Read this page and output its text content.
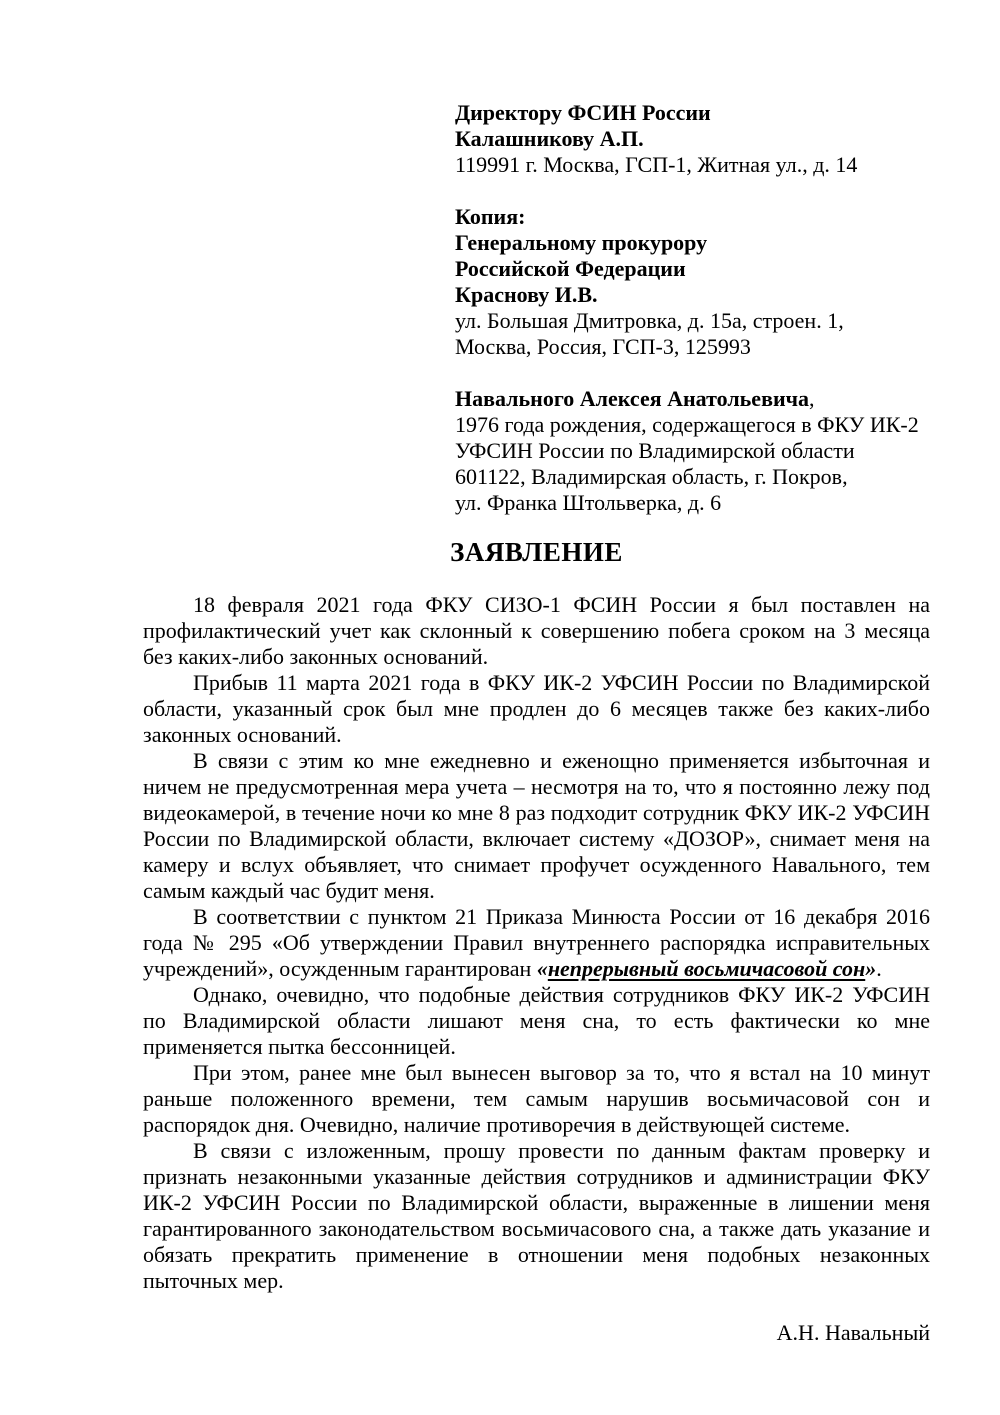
Директору ФСИН России
Калашникову А.П.
119991 г. Москва, ГСП-1, Житная ул., д. 14
Копия:
Генеральному прокурору
Российской Федерации
Краснову И.В.
ул. Большая Дмитровка, д. 15а, строен. 1,
Москва, Россия, ГСП-3, 125993
Навального Алексея Анатольевича,
1976 года рождения, содержащегося в ФКУ ИК-2
УФСИН России по Владимирской области
601122, Владимирская область, г. Покров,
ул. Франка Штольверка, д. 6
ЗАЯВЛЕНИЕ

18 февраля 2021 года ФКУ СИЗО-1 ФСИН России я был поставлен на профилактический учет как склонный к совершению побега сроком на 3 месяца без каких-либо законных оснований.

Прибыв 11 марта 2021 года в ФКУ ИК-2 УФСИН России по Владимирской области, указанный срок был мне продлен до 6 месяцев также без каких-либо законных оснований.

В связи с этим ко мне ежедневно и еженощно применяется избыточная и ничем не предусмотренная мера учета – несмотря на то, что я постоянно лежу под видеокамерой, в течение ночи ко мне 8 раз подходит сотрудник ФКУ ИК-2 УФСИН России по Владимирской области, включает систему «ДОЗОР», снимает меня на камеру и вслух объявляет, что снимает профучет осужденного Навального, тем самым каждый час будит меня.

В соответствии с пунктом 21 Приказа Минюста России от 16 декабря 2016 года № 295 «Об утверждении Правил внутреннего распорядка исправительных учреждений», осужденным гарантирован «непрерывный восьмичасовой сон».

Однако, очевидно, что подобные действия сотрудников ФКУ ИК-2 УФСИН по Владимирской области лишают меня сна, то есть фактически ко мне применяется пытка бессонницей.

При этом, ранее мне был вынесен выговор за то, что я встал на 10 минут раньше положенного времени, тем самым нарушив восьмичасовой сон и распорядок дня. Очевидно, наличие противоречия в действующей системе.

В связи с изложенным, прошу провести по данным фактам проверку и признать незаконными указанные действия сотрудников и администрации ФКУ ИК-2 УФСИН России по Владимирской области, выраженные в лишении меня гарантированного законодательством восьмичасового сна, а также дать указание и обязать прекратить применение в отношении меня подобных незаконных пыточных мер.

А.Н. Навальный
